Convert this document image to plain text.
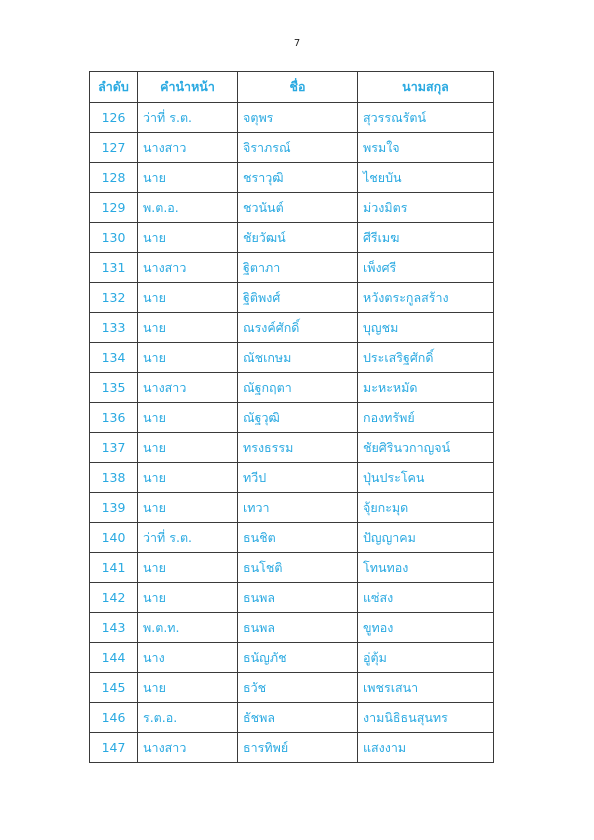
7
ลำดับ	คำนำหน้า	ชื่อ	นามสกุล
126	ว่าที่ ร.ต.	จตุพร	สุวรรณรัตน์
127	นางสาว	จิราภรณ์	พรมใจ
128	นาย	ชราวุฒิ	ไชยบัน
129	พ.ต.อ.	ชวนันต์	ม่วงมิตร
130	นาย	ชัยวัฒน์	ศีรีเมฆ
131	นางสาว	ฐิตาภา	เพ็งศรี
132	นาย	ฐิติพงศ์	หวังตระกูลสร้าง
133	นาย	ณรงค์ศักดิ์	บุญชม
134	นาย	ณัชเกษม	ประเสริฐศักดิ์
135	นางสาว	ณัฐกฤตา	มะหะหมัด
136	นาย	ณัฐวุฒิ	กองทรัพย์
137	นาย	ทรงธรรม	ชัยศิรินวกาญจน์
138	นาย	ทวีป	ปุ่นประโคน
139	นาย	เทวา	จุ้ยกะมุด
140	ว่าที่ ร.ต.	ธนชิต	ปัญญาคม
141	นาย	ธนโชติ	โทนทอง
142	นาย	ธนพล	แซ่สง
143	พ.ต.ท.	ธนพล	ขูทอง
144	นาง	ธนัญภัช	อู่ตุ้ม
145	นาย	ธวัช	เพชรเสนา
146	ร.ต.อ.	ธัชพล	งามนิธิธนสุนทร
147	นางสาว	ธารทิพย์	แสงงาม
